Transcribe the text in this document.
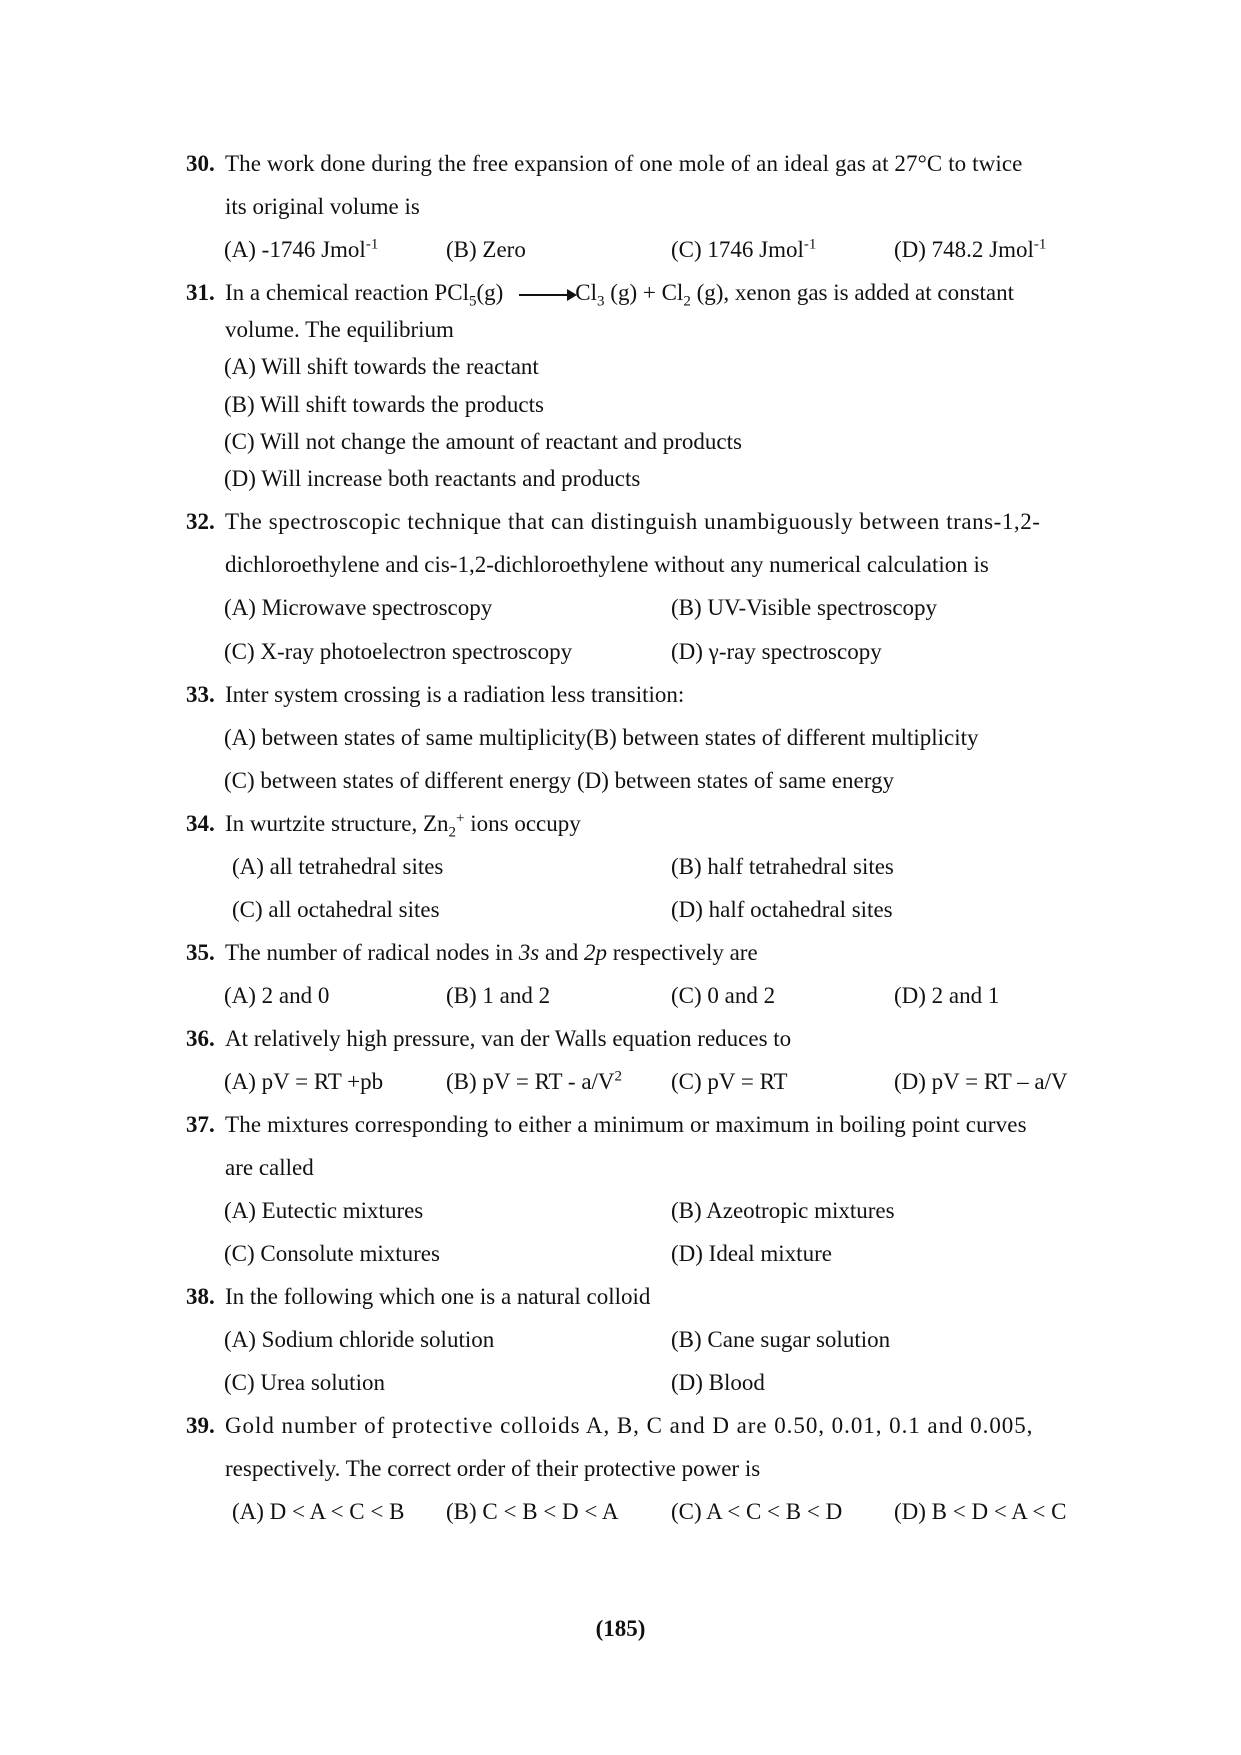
30. The work done during the free expansion of one mole of an ideal gas at 27°C to twice
its original volume is
(A) -1746 Jmol$^{-1}$	(B) Zero	(C) 1746 Jmol$^{-1}$	(D) 748.2 Jmol$^{-1}$
31. In a chemical reaction $PCl_5(g) \to Cl_3$ $(g) + Cl_2$ (g), xenon gas is added at constant
volume. The equilibrium
(A) Will shift towards the reactant
(B) Will shift towards the products
(C) Will not change the amount of reactant and products
(D) Will increase both reactants and products
32. The spectroscopic technique that can distinguish unambiguously between trans-1,2-
dichloroethylene and cis-1,2-dichloroethylene without any numerical calculation is
(A) Microwave spectroscopy	(B) UV-Visible spectroscopy
(C) X-ray photoelectron spectroscopy	(D) γ-ray spectroscopy
33. Inter system crossing is a radiation less transition:
(A) between states of same multiplicity(B) between states of different multiplicity
(C) between states of different energy (D) between states of same energy
34. In wurtzite structure, $Zn_2^+$ ions occupy
(A) all tetrahedral sites	(B) half tetrahedral sites
(C) all octahedral sites	(D) half octahedral sites
35. The number of radical nodes in 3s and 2p respectively are
(A) 2 and 0	(B) 1 and 2	(C) 0 and 2	(D) 2 and 1
36. At relatively high pressure, van der Walls equation reduces to
(A) pV = RT +pb	(B) pV = RT - $a/V^2$ (C) pV = RT	(D) pV = RT – a/V
37. The mixtures corresponding to either a minimum or maximum in boiling point curves
are called
(A) Eutectic mixtures	(B) Azeotropic mixtures
(C) Consolute mixtures	(D) Ideal mixture
38. In the following which one is a natural colloid
(A) Sodium chloride solution	(B) Cane sugar solution
(C) Urea solution	(D) Blood
39. Gold number of protective colloids A, B, C and D are 0.50, 0.01, 0.1 and 0.005,
respectively. The correct order of their protective power is
(A) D < A < C < B (B) C < B < D < A (C) A < C < B < D (D) B < D < A < C
(185)
